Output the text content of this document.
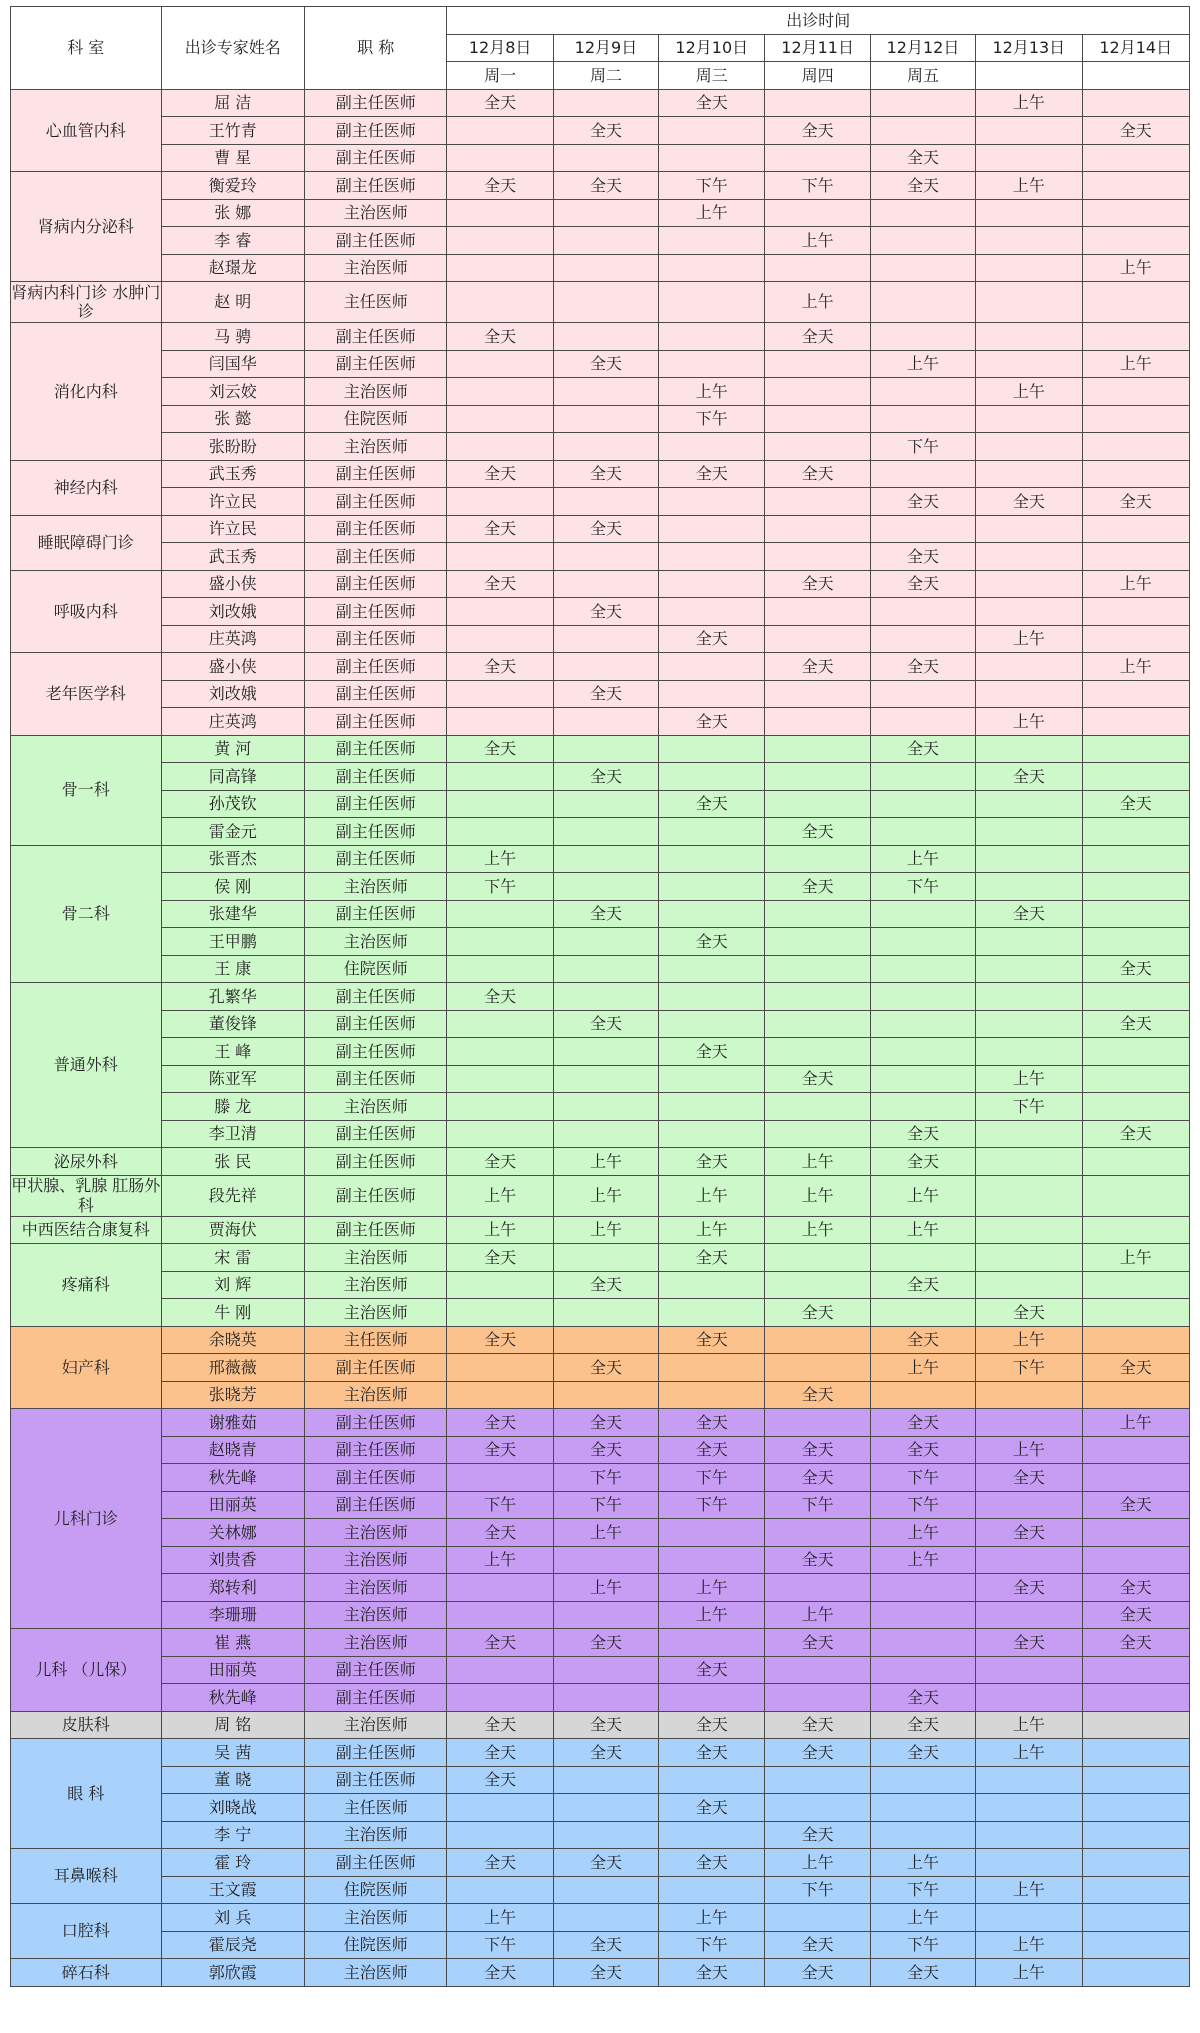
科 室	出诊专家姓名	职 称	出诊时间						
			12月8日	12月9日	12月10日	12月11日	12月12日	12月13日	12月14日
			周一	周二	周三	周四	周五		
心血管内科	屈 洁	副主任医师	全天		全天			上午	
	王竹青	副主任医师		全天		全天			全天
	曹 星	副主任医师					全天		
肾病内分泌科	衡爱玲	副主任医师	全天	全天	下午	下午	全天	上午	
	张 娜	主治医师			上午				
	李 睿	副主任医师				上午			
	赵璟龙	主治医师							上午
肾病内科门诊 水肿门诊	赵 明	主任医师				上午			
消化内科	马 骋	副主任医师	全天			全天			
	闫国华	副主任医师		全天			上午		上午
	刘云姣	主治医师			上午			上午	
	张 懿	住院医师			下午				
	张盼盼	主治医师					下午		
神经内科	武玉秀	副主任医师	全天	全天	全天	全天			
	许立民	副主任医师					全天	全天	全天
睡眠障碍门诊	许立民	副主任医师	全天	全天					
	武玉秀	副主任医师					全天		
呼吸内科	盛小侠	副主任医师	全天			全天	全天		上午
	刘改娥	副主任医师		全天					
	庄英鸿	副主任医师			全天			上午	
老年医学科	盛小侠	副主任医师	全天			全天	全天		上午
	刘改娥	副主任医师		全天					
	庄英鸿	副主任医师			全天			上午	
骨一科	黄 河	副主任医师	全天				全天		
	同高锋	副主任医师		全天				全天	
	孙茂钦	副主任医师			全天				全天
	雷金元	副主任医师				全天			
骨二科	张晋杰	副主任医师	上午				上午		
	侯 刚	主治医师	下午			全天	下午		
	张建华	副主任医师		全天				全天	
	王甲鹏	主治医师			全天				
	王 康	住院医师							全天
普通外科	孔繁华	副主任医师	全天						
	董俊锋	副主任医师		全天					全天
	王 峰	副主任医师			全天				
	陈亚军	副主任医师				全天		上午	
	滕 龙	主治医师						下午	
	李卫清	副主任医师					全天		全天
泌尿外科	张 民	副主任医师	全天	上午	全天	上午	全天		
甲状腺、乳腺 肛肠外科	段先祥	副主任医师	上午	上午	上午	上午	上午		
中西医结合康复科	贾海伏	副主任医师	上午	上午	上午	上午	上午		
疼痛科	宋 雷	主治医师	全天		全天				上午
	刘 辉	主治医师		全天			全天		
	牛 刚	主治医师				全天		全天	
妇产科	余晓英	主任医师	全天		全天		全天	上午	
	邢薇薇	副主任医师		全天			上午	下午	全天
	张晓芳	主治医师				全天			
儿科门诊	谢雅茹	副主任医师	全天	全天	全天		全天		上午
	赵晓青	副主任医师	全天	全天	全天	全天	全天	上午	
	秋先峰	副主任医师		下午	下午	全天	下午	全天	
	田丽英	副主任医师	下午	下午	下午	下午	下午		全天
	关林娜	主治医师	全天	上午			上午	全天	
	刘贵香	主治医师	上午			全天	上午		
	郑转利	主治医师		上午	上午			全天	全天
	李珊珊	主治医师			上午	上午			全天
儿科 （儿保）	崔 燕	主治医师	全天	全天		全天		全天	全天
	田丽英	副主任医师			全天				
	秋先峰	副主任医师					全天		
皮肤科	周 铭	主治医师	全天	全天	全天	全天	全天	上午	
眼 科	吴 茜	副主任医师	全天	全天	全天	全天	全天	上午	
	董 晓	副主任医师	全天						
	刘晓战	主任医师			全天				
	李 宁	主治医师				全天			
耳鼻喉科	霍 玲	副主任医师	全天	全天	全天	上午	上午		
	王文霞	住院医师				下午	下午	上午	
口腔科	刘 兵	主治医师	上午		上午		上午		
	霍辰尧	住院医师	下午	全天	下午	全天	下午	上午	
碎石科	郭欣霞	主治医师	全天	全天	全天	全天	全天	上午	
